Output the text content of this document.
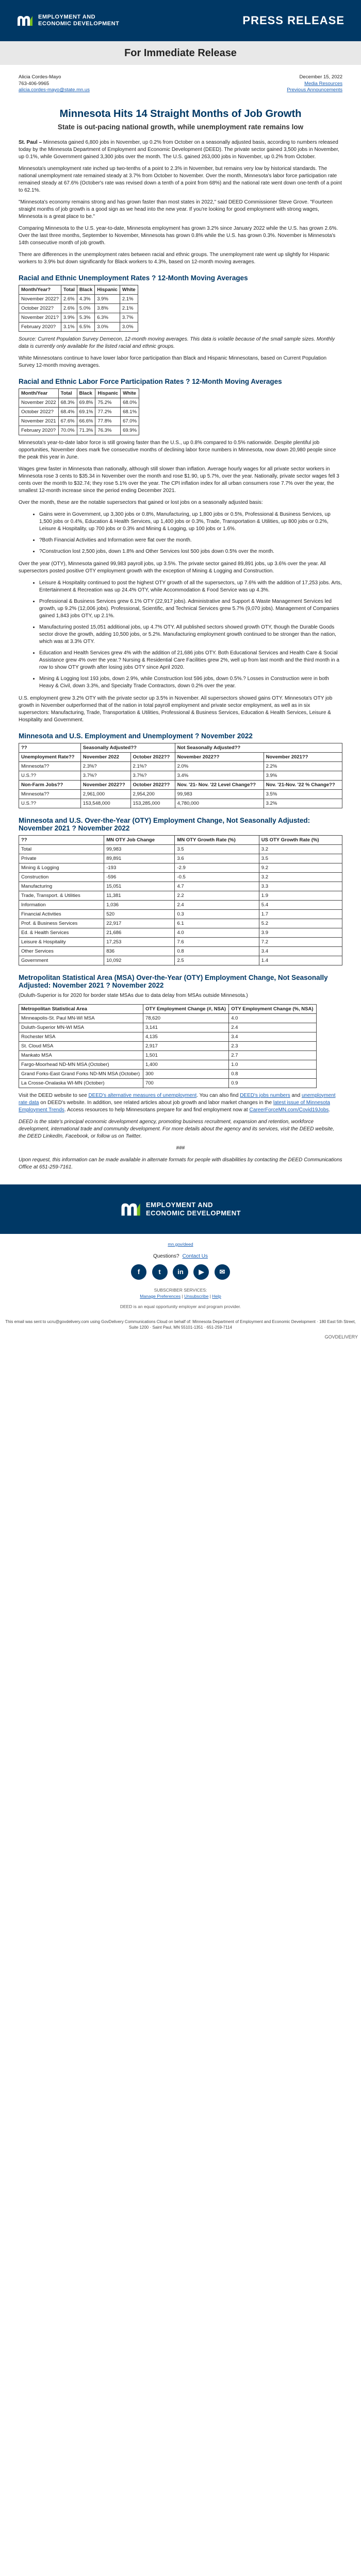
EMPLOYMENT AND
ECONOMIC DEVELOPMENT	PRESS RELEASE
For Immediate Release
Alicia Cordes-Mayo
763-406-9965
alicia.cordes-mayo@state.mn.us
December 15, 2022
Media Resources
Previous Announcements
Minnesota Hits 14 Straight Months of Job Growth
State is out-pacing national growth, while unemployment rate remains low

St. Paul – Minnesota gained 6,800 jobs in November, up 0.2% from October on a seasonally adjusted basis, according to numbers released today by the Minnesota Department of Employment and Economic Development (DEED). The private sector gained 3,500 jobs in November, up 0.1%, while Government gained 3,300 jobs over the month. The U.S. gained 263,000 jobs in November, up 0.2% from October.

Minnesota's unemployment rate inched up two-tenths of a point to 2.3% in November, but remains very low by historical standards. The national unemployment rate remained steady at 3.7% from October to November. Over the month, Minnesota's labor force participation rate remained steady at 67.6% (October's rate was revised down a tenth of a point from 68%) and the national rate went down one-tenth of a point to 62.1%.

"Minnesota's economy remains strong and has grown faster than most states in 2022," said DEED Commissioner Steve Grove. "Fourteen straight months of job growth is a good sign as we head into the new year. If you're looking for good employment with strong wages, Minnesota is a great place to be."

Comparing Minnesota to the U.S. year-to-date, Minnesota employment has grown 3.2% since January 2022 while the U.S. has grown 2.6%. Over the last three months, September to November, Minnesota has grown 0.8% while the U.S. has grown 0.3%. November is Minnesota's 14th consecutive month of job growth.

There are differences in the unemployment rates between racial and ethnic groups. The unemployment rate went up slightly for Hispanic workers to 3.9% but down significantly for Black workers to 4.3%, based on 12-month moving averages.

Racial and Ethnic Unemployment Rates ? 12-Month Moving Averages
Month/Year?	Total	Black	Hispanic	White
November 2022?	2.6%	4.3%	3.9%	2.1%
October 2022?	2.6%	5.0%	3.8%	2.1%
November 2021?	3.9%	5.3%	6.3%	3.7%
February 2020?	3.1%	6.5%	3.0%	3.0%

Source: Current Population Survey Demecon, 12-month moving averages. This data is volatile because of the small sample sizes. Monthly data is currently only available for the listed racial and ethnic groups.

White Minnesotans continue to have lower labor force participation than Black and Hispanic Minnesotans, based on Current Population Survey 12-month moving averages.

Racial and Ethnic Labor Force Participation Rates ? 12-Month Moving Averages
Month/Year	Total	Black	Hispanic	White
November 2022	68.3%	69.8%	75.2%	68.0%
October 2022?	68.4%	69.1%	77.2%	68.1%
November 2021	67.6%	66.6%	77.8%	67.0%
February 2020?	70.0%	71.3%	76.3%	69.9%

Minnesota's year-to-date labor force is still growing faster than the U.S., up 0.8% compared to 0.5% nationwide. Despite plentiful job opportunities, November does mark five consecutive months of declining labor force numbers in Minnesota, now down 20,980 people since the peak this year in June.

Wages grew faster in Minnesota than nationally, although still slower than inflation. Average hourly wages for all private sector workers in Minnesota rose 3 cents to $35.34 in November over the month and rose $1.90, up 5.7%, over the year. Nationally, private sector wages fell 3 cents over the month to $32.74; they rose 5.1% over the year. The CPI inflation index for all urban consumers rose 7.7% over the year, the smallest 12-month increase since the period ending December 2021.

Over the month, these are the notable supersectors that gained or lost jobs on a seasonally adjusted basis:

• Gains were in Government, up 3,300 jobs or 0.8%, Manufacturing, up 1,800 jobs or 0.5%, Professional & Business Services, up 1,500 jobs or 0.4%, Education & Health Services, up 1,400 jobs or 0.3%, Trade, Transportation & Utilities, up 800 jobs or 0.2%, Leisure & Hospitality, up 700 jobs or 0.3% and Mining & Logging, up 100 jobs or 1.6%.
• ?Both Financial Activities and Information were flat over the month.
• ?Construction lost 2,500 jobs, down 1.8% and Other Services lost 500 jobs down 0.5% over the month.

Over the year (OTY), Minnesota gained 99,983 payroll jobs, up 3.5%. The private sector gained 89,891 jobs, up 3.6% over the year. All supersectors posted positive OTY employment growth with the exception of Mining & Logging and Construction.

• Leisure & Hospitality continued to post the highest OTY growth of all the supersectors, up 7.6% with the addition of 17,253 jobs. Arts, Entertainment & Recreation was up 24.4% OTY, while Accommodation & Food Service was up 4.3%.
• Professional & Business Services grew 6.1% OTY (22,917 jobs). Administrative and Support & Waste Management Services led growth, up 9.2% (12,006 jobs). Professional, Scientific, and Technical Services grew 5.7% (9,070 jobs). Management of Companies gained 1,843 jobs OTY, up 2.1%.
• Manufacturing posted 15,051 additional jobs, up 4.7% OTY. All published sectors showed growth OTY, though the Durable Goods sector drove the growth, adding 10,500 jobs, or 5.2%. Manufacturing employment growth continued to be stronger than the nation, which was at 3.3% OTY.
• Education and Health Services grew 4% with the addition of 21,686 jobs OTY. Both Educational Services and Health Care & Social Assistance grew 4% over the year.? Nursing & Residential Care Facilities grew 2%, well up from last month and the third month in a row to show OTY growth after losing jobs OTY since April 2020.
• Mining & Logging lost 193 jobs, down 2.9%, while Construction lost 596 jobs, down 0.5%.? Losses in Construction were in both Heavy & Civil, down 3.3%, and Specialty Trade Contractors, down 0.2% over the year.

U.S. employment grew 3.2% OTY with the private sector up 3.5% in November. All supersectors showed gains OTY. Minnesota's OTY job growth in November outperformed that of the nation in total payroll employment and private sector employment, as well as in six supersectors: Manufacturing, Trade, Transportation & Utilities, Professional & Business Services, Education & Health Services, Leisure & Hospitality and Government.

Minnesota and U.S. Employment and Unemployment ? November 2022
??	Seasonally Adjusted??		Not Seasonally Adjusted??	
Unemployment Rate??	November 2022	October 2022??	November 2022??	November 2021??
Minnesota??	2.3%?	2.1%?	2.0%	2.2%
U.S.??	3.7%?	3.7%?	3.4%	3.9%
Non-Farm Jobs??	November 2022??	October 2022??	Nov. '21- Nov. '22 Level Change??	Nov. '21-Nov. '22 % Change??
Minnesota??	2,961,000	2,954,200	99,983	3.5%
U.S.??	153,548,000	153,285,000	4,780,000	3.2%
Minnesota and U.S. Over-the-Year (OTY) Employment Change, Not Seasonally Adjusted: November 2021 ? November 2022
??	MN OTY Job Change	MN OTY Growth Rate (%)	US OTY Growth Rate (%)
Total	99,983	3.5	3.2
Private	89,891	3.6	3.5
Mining & Logging	-193	-2.9	9.2
Construction	-596	-0.5	3.2
Manufacturing	15,051	4.7	3.3
Trade, Transport. & Utilities	11,381	2.2	1.9
Information	1,036	2.4	5.4
Financial Activities	520	0.3	1.7
Prof. & Business Services	22,917	6.1	5.2
Ed. & Health Services	21,686	4.0	3.9
Leisure & Hospitality	17,253	7.6	7.2
Other Services	836	0.8	3.4
Government	10,092	2.5	1.4
Metropolitan Statistical Area (MSA) Over-the-Year (OTY) Employment Change, Not Seasonally Adjusted: November 2021 ? November 2022

(Duluth-Superior is for 2020 for border state MSAs due to data delay from MSAs outside Minnesota.)

Metropolitan Statistical Area	OTY Employment Change (#, NSA)	OTY Employment Change (%, NSA)
Minneapolis-St. Paul MN-WI MSA	78,620	4.0
Duluth-Superior MN-WI MSA	3,141	2.4
Rochester MSA	4,135	3.4
St. Cloud MSA	2,917	2.3
Mankato MSA	1,501	2.7
Fargo-Moorhead ND-MN MSA (October)	1,400	1.0
Grand Forks-East Grand Forks ND-MN MSA (October)	300	0.8
La Crosse-Onalaska WI-MN (October)	700	0.9

Visit the DEED website to see DEED's alternative measures of unemployment. You can also find DEED's jobs numbers and unemployment rate data on DEED's website. In addition, see related articles about job growth and labor market changes in the latest issue of Minnesota Employment Trends. Access resources to help Minnesotans prepare for and find employment now at CareerForceMN.com/Covid19Jobs.

DEED is the state's principal economic development agency, promoting business recruitment, expansion and retention, workforce development, international trade and community development. For more details about the agency and its services, visit the DEED website, the DEED LinkedIn, Facebook, or follow us on Twitter.

###

Upon request, this information can be made available in alternate formats for people with disabilities by contacting the DEED Communications Office at 651-259-7161.

EMPLOYMENT AND
ECONOMIC DEVELOPMENT
mn.gov/deed
Questions? Contact Us
f	t	in ▶ ✉
SUBSCRIBER SERVICES:
Manage Preferences | Unsubscribe | Help
DEED is an equal opportunity employer and program provider.
This email was sent to ucru@govdelivery.com using GovDelivery Communications Cloud on behalf of: Minnesota Department of Employment and Economic Development · 180 East 5th Street, Suite 1200 · Saint Paul, MN 55101-1351 · 651-259-7114
GOVDELIVERY
